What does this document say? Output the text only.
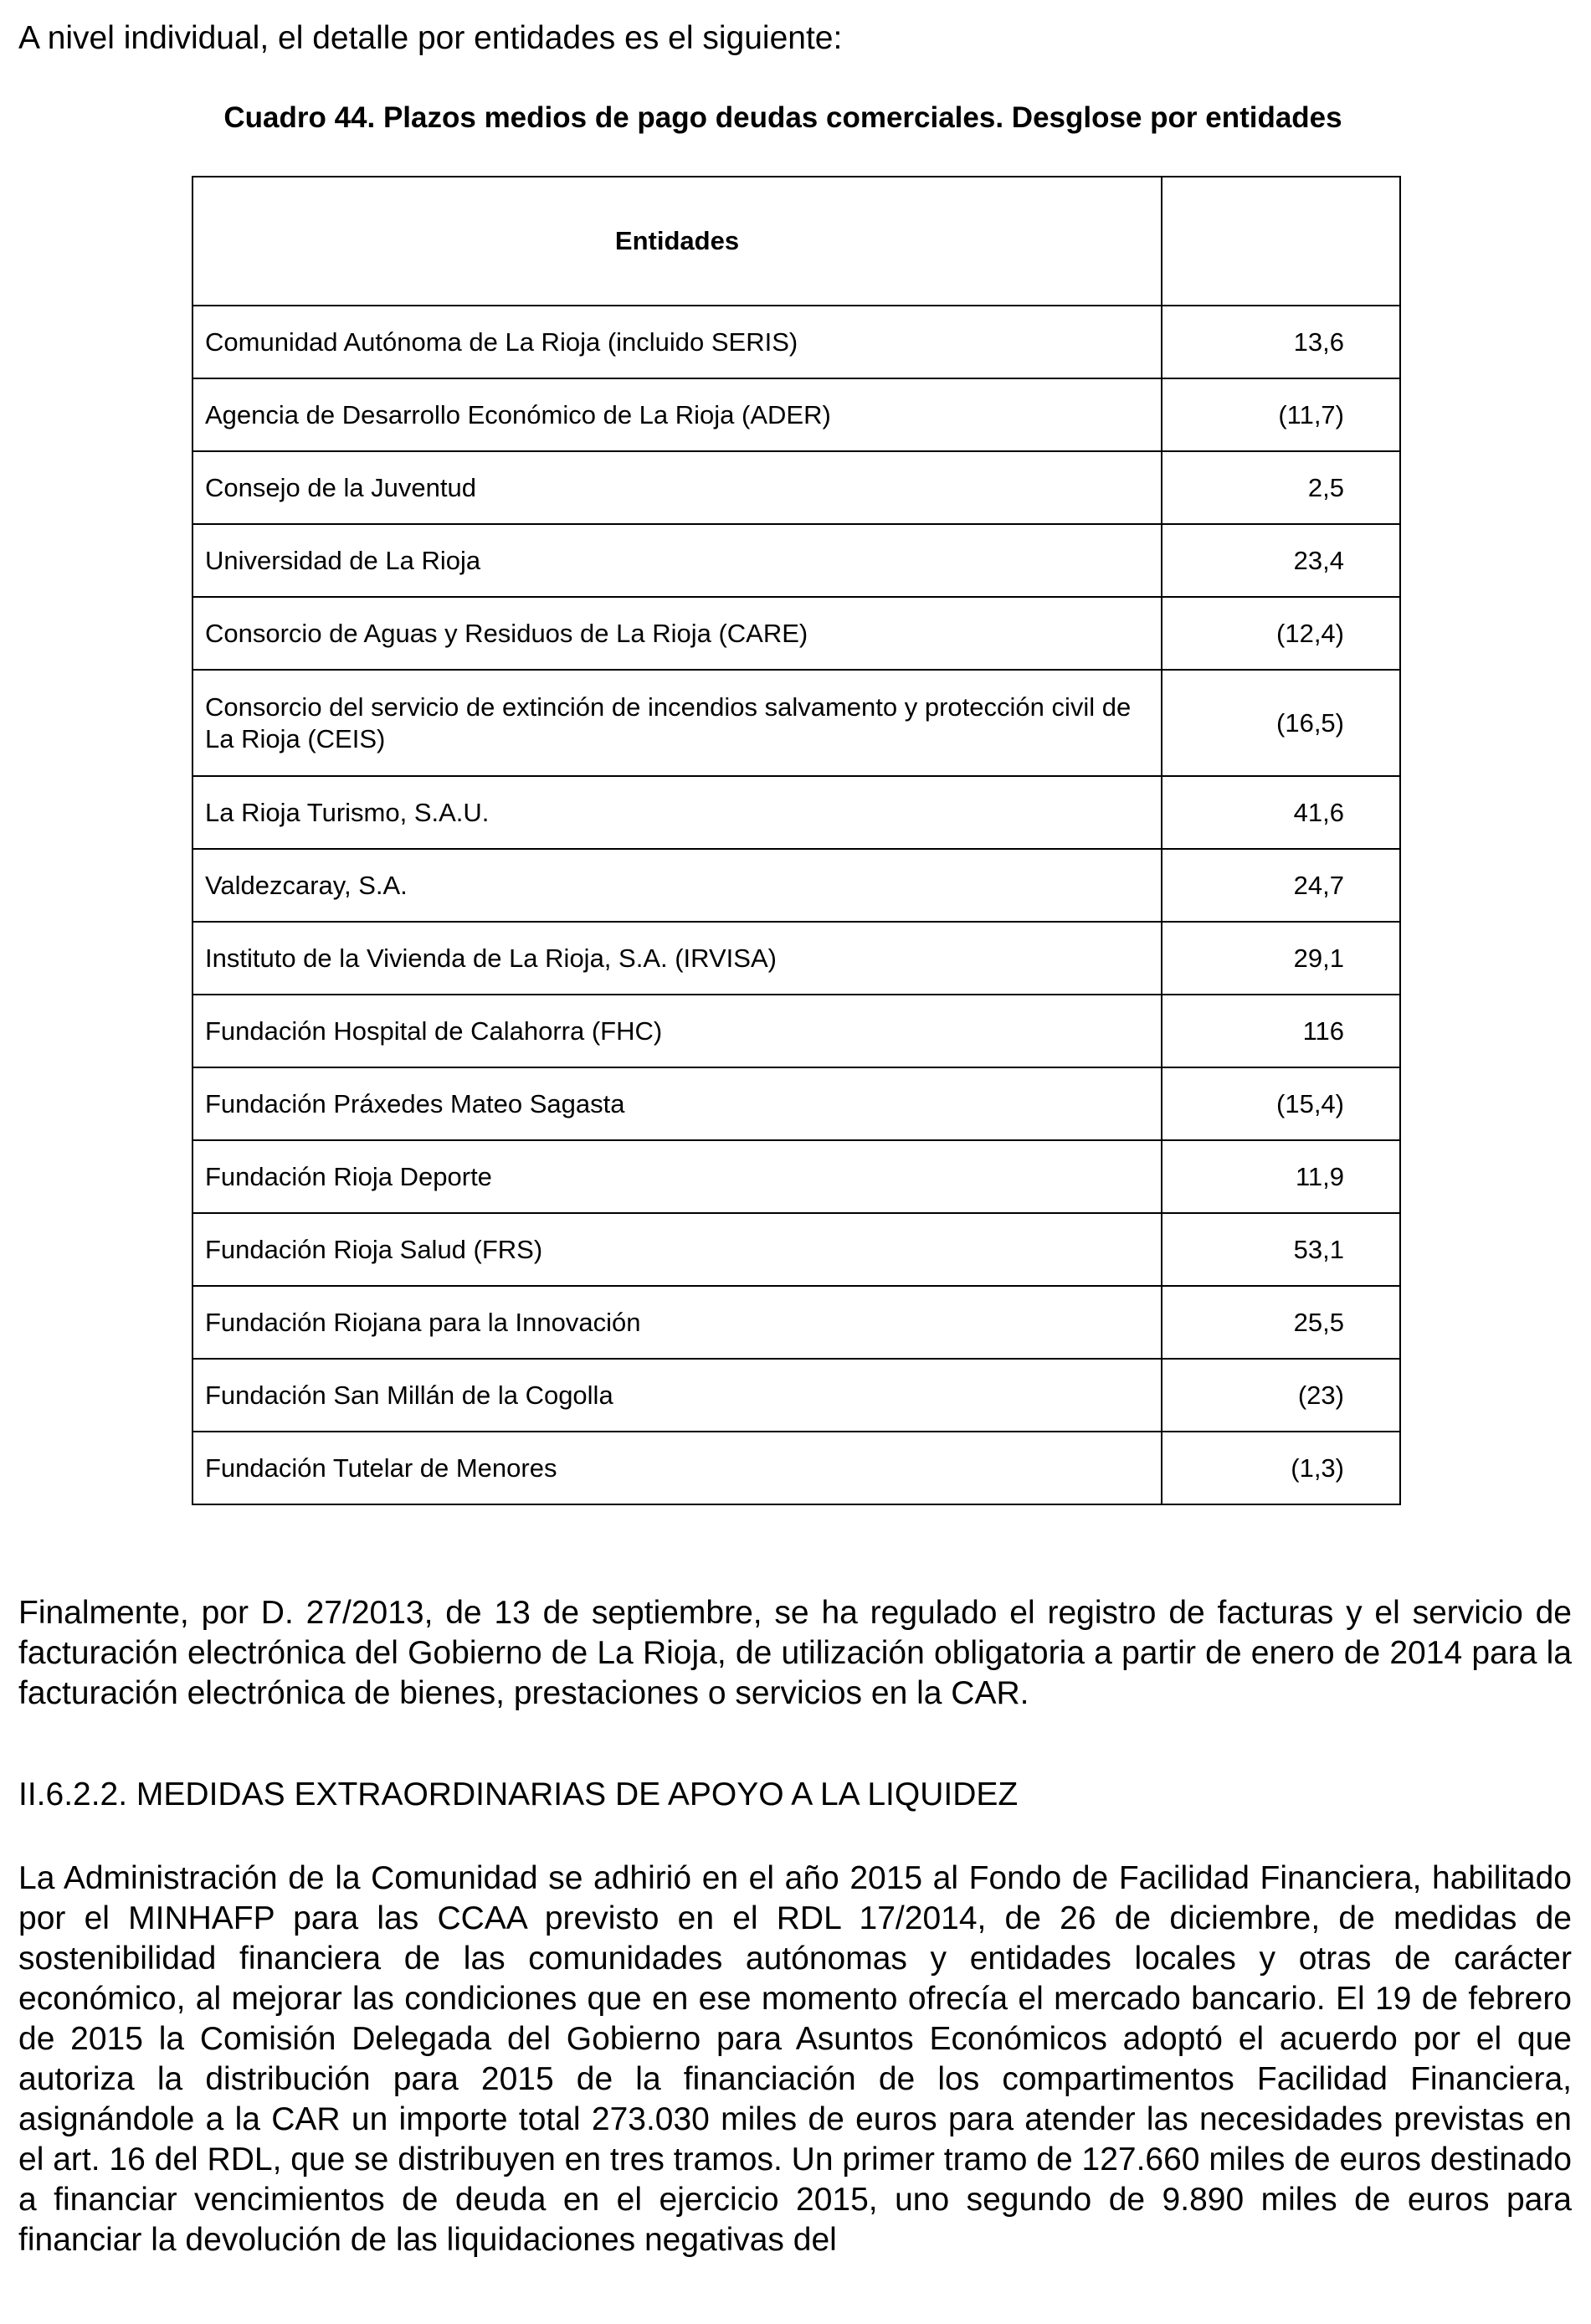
A nivel individual, el detalle por entidades es el siguiente:

Cuadro 44. Plazos medios de pago deudas comerciales. Desglose por entidades

Entidades	
Comunidad Autónoma de La Rioja (incluido SERIS)	13,6
Agencia de Desarrollo Económico de La Rioja (ADER)	(11,7)
Consejo de la Juventud	2,5
Universidad de La Rioja	23,4
Consorcio de Aguas y Residuos de La Rioja (CARE)	(12,4)
Consorcio del servicio de extinción de incendios salvamento y protección civil de La Rioja (CEIS)	(16,5)
La Rioja Turismo, S.A.U.	41,6
Valdezcaray, S.A.	24,7
Instituto de la Vivienda de La Rioja, S.A. (IRVISA)	29,1
Fundación Hospital de Calahorra (FHC)	116
Fundación Práxedes Mateo Sagasta	(15,4)
Fundación Rioja Deporte	11,9
Fundación Rioja Salud (FRS)	53,1
Fundación Riojana para la Innovación	25,5
Fundación San Millán de la Cogolla	(23)
Fundación Tutelar de Menores	(1,3)

Finalmente, por D. 27/2013, de 13 de septiembre, se ha regulado el registro de facturas y el servicio de facturación electrónica del Gobierno de La Rioja, de utilización obligatoria a partir de enero de 2014 para la facturación electrónica de bienes, prestaciones o servicios en la CAR.

II.6.2.2. MEDIDAS EXTRAORDINARIAS DE APOYO A LA LIQUIDEZ

La Administración de la Comunidad se adhirió en el año 2015 al Fondo de Facilidad Financiera, habilitado por el MINHAFP para las CCAA previsto en el RDL 17/2014, de 26 de diciembre, de medidas de sostenibilidad financiera de las comunidades autónomas y entidades locales y otras de carácter económico, al mejorar las condiciones que en ese momento ofrecía el mercado bancario. El 19 de febrero de 2015 la Comisión Delegada del Gobierno para Asuntos Económicos adoptó el acuerdo por el que autoriza la distribución para 2015 de la financiación de los compartimentos Facilidad Financiera, asignándole a la CAR un importe total 273.030 miles de euros para atender las necesidades previstas en el art. 16 del RDL, que se distribuyen en tres tramos. Un primer tramo de 127.660 miles de euros destinado a financiar vencimientos de deuda en el ejercicio 2015, uno segundo de 9.890 miles de euros para financiar la devolución de las liquidaciones negativas del
